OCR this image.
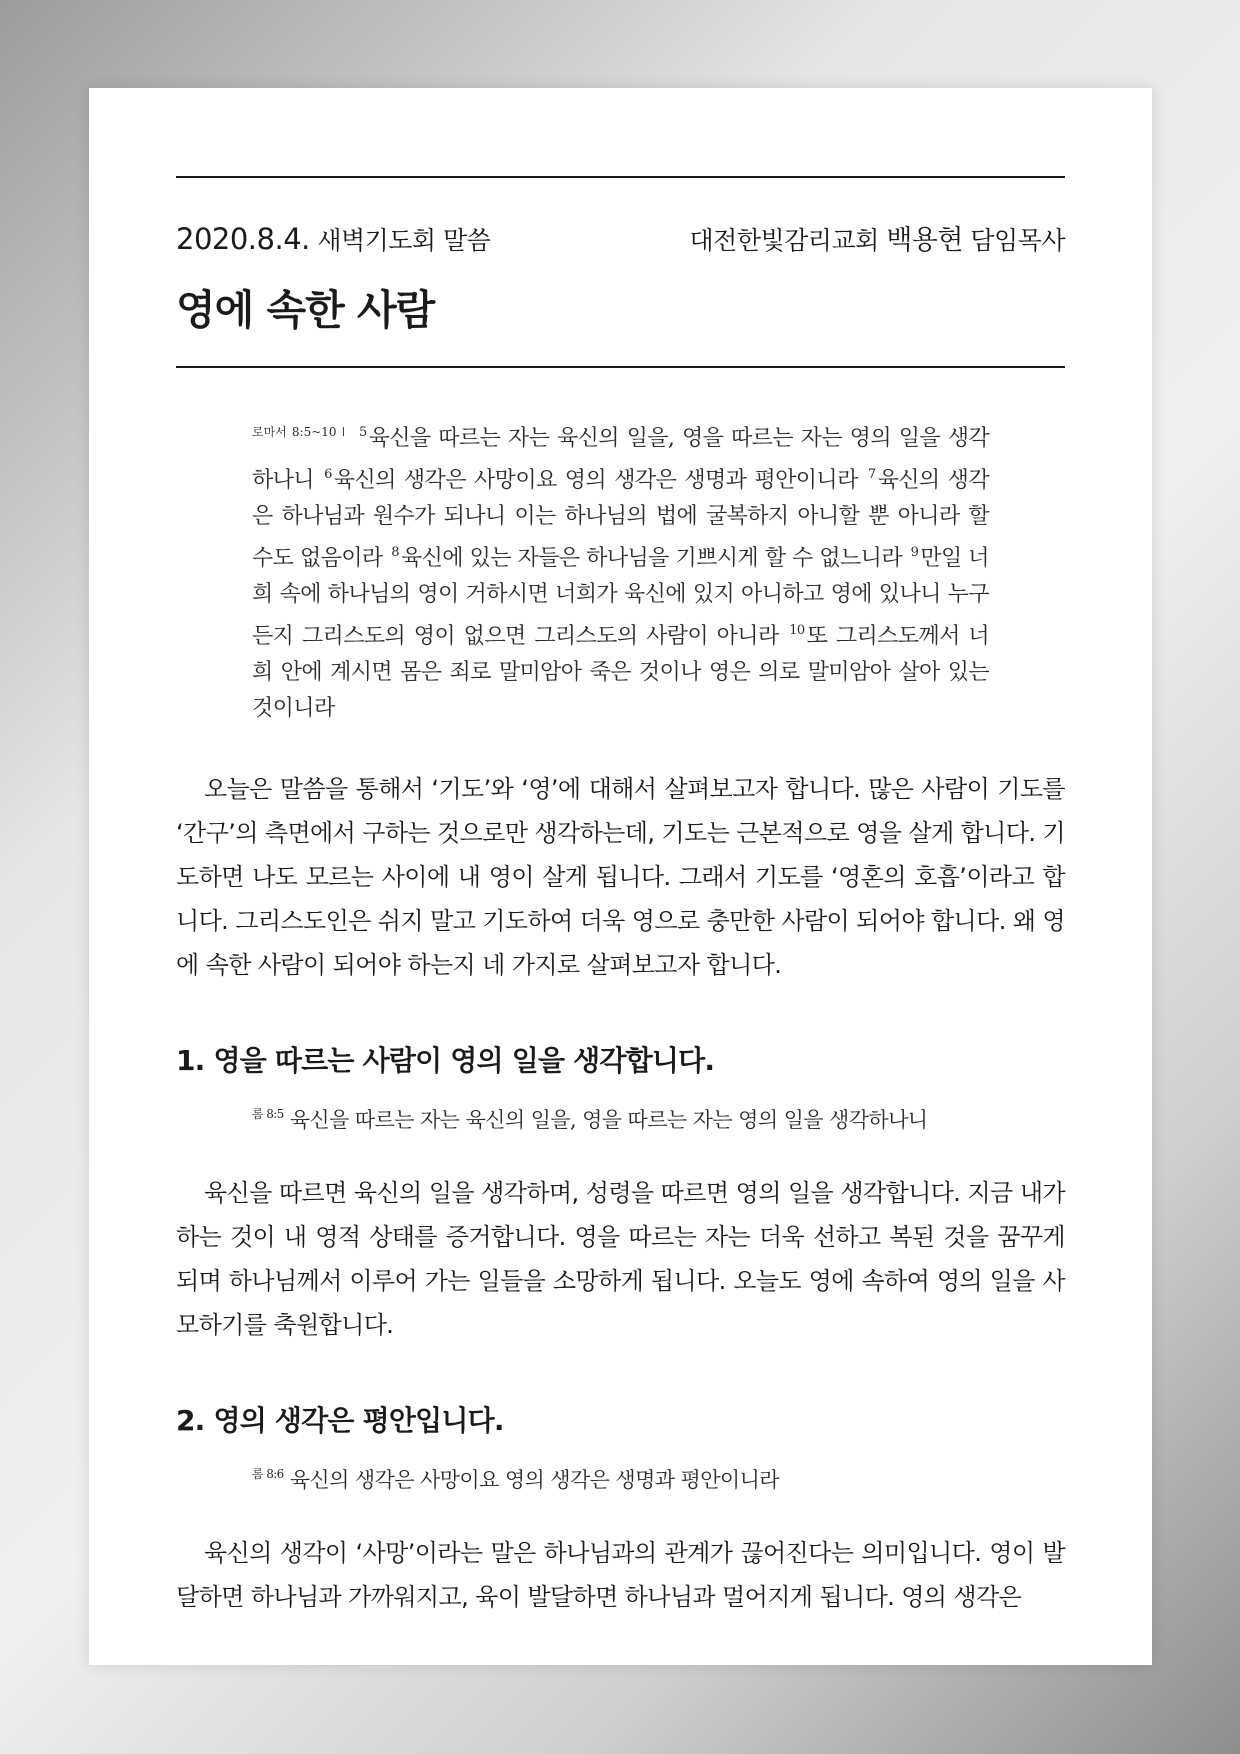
2020.8.4. 새벽기도회 말씀	대전한빛감리교회 백용현 담임목사
영에 속한 사람
$^{로마서 8:5\sim 10 ǀ}$ $^5$육신을 따르는 자는 육신의 일을, 영을 따르는 자는 영의 일을 생각하나니 $^6$육신의 생각은 사망이요 영의 생각은 생명과 평안이니라 $^7$육신의 생각은 하나님과 원수가 되나니 이는 하나님의 법에 굴복하지 아니할 뿐 아니라 할 수도 없음이라 $^8$육신에 있는 자들은 하나님을 기쁘시게 할 수 없느니라 $^9$만일 너희 속에 하나님의 영이 거하시면 너희가 육신에 있지 아니하고 영에 있나니 누구든지 그리스도의 영이 없으면 그리스도의 사람이 아니라 $^{10}$또 그리스도께서 너희 안에 계시면 몸은 죄로 말미암아 죽은 것이나 영은 의로 말미암아 살아 있는 것이니라

오늘은 말씀을 통해서 ‘기도’와 ‘영’에 대해서 살펴보고자 합니다. 많은 사람이 기도를 ‘간구’의 측면에서 구하는 것으로만 생각하는데, 기도는 근본적으로 영을 살게 합니다. 기도하면 나도 모르는 사이에 내 영이 살게 됩니다. 그래서 기도를 ‘영혼의 호흡’이라고 합니다. 그리스도인은 쉬지 말고 기도하여 더욱 영으로 충만한 사람이 되어야 합니다. 왜 영에 속한 사람이 되어야 하는지 네 가지로 살펴보고자 합니다.

1. 영을 따르는 사람이 영의 일을 생각합니다.
$^{롬 8:5}$ 육신을 따르는 자는 육신의 일을, 영을 따르는 자는 영의 일을 생각하나니

육신을 따르면 육신의 일을 생각하며, 성령을 따르면 영의 일을 생각합니다. 지금 내가 하는 것이 내 영적 상태를 증거합니다. 영을 따르는 자는 더욱 선하고 복된 것을 꿈꾸게 되며 하나님께서 이루어 가는 일들을 소망하게 됩니다. 오늘도 영에 속하여 영의 일을 사모하기를 축원합니다.

2. 영의 생각은 평안입니다.
$^{롬 8:6}$ 육신의 생각은 사망이요 영의 생각은 생명과 평안이니라

육신의 생각이 ‘사망’이라는 말은 하나님과의 관계가 끊어진다는 의미입니다. 영이 발달하면 하나님과 가까워지고, 육이 발달하면 하나님과 멀어지게 됩니다. 영의 생각은
